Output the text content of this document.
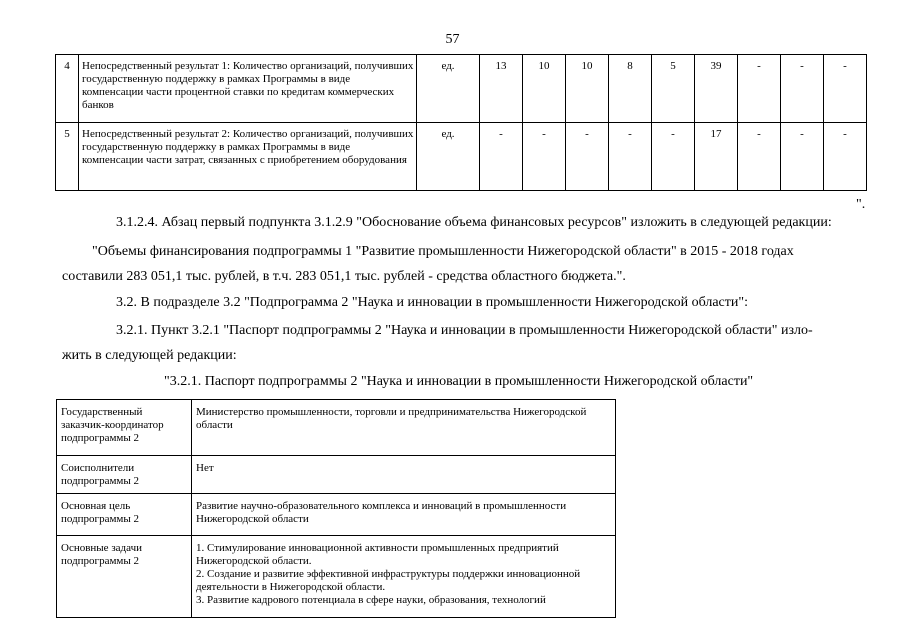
57
4	Непосредственный результат 1: Количество организаций, получивших государственную поддержку в рамках Программы в виде компенсации части процентной ставки по кредитам коммерческих банков	ед.	13	10	10	8	5	39	-	-	-
5	Непосредственный результат 2: Количество организаций, получивших государственную поддержку в рамках Программы в виде компенсации части затрат, связанных с приобретением оборудования	ед.	-	-	-	-	-	17	-	-	-
".
3.1.2.4. Абзац первый подпункта 3.1.2.9 "Обоснование объема финансовых ресурсов" изложить в следующей редакции:
"Объемы финансирования подпрограммы 1 "Развитие промышленности Нижегородской области" в 2015 - 2018 годах
составили 283 051,1 тыс. рублей, в т.ч. 283 051,1 тыс. рублей - средства областного бюджета.".
3.2. В подразделе 3.2 "Подпрограмма 2 "Наука и инновации в промышленности Нижегородской области":
3.2.1. Пункт 3.2.1 "Паспорт подпрограммы 2 "Наука и инновации в промышленности Нижегородской области" изло-
жить в следующей редакции:
"3.2.1. Паспорт подпрограммы 2 "Наука и инновации в промышленности Нижегородской области"
Государственный заказчик-координатор подпрограммы 2	Министерство промышленности, торговли и предпринимательства Нижегородской области
Соисполнители подпрограммы 2	Нет
Основная цель подпрограммы 2	Развитие научно-образовательного комплекса и инноваций в промышленности Нижегородской области
Основные задачи подпрограммы 2	1. Стимулирование инновационной активности промышленных предприятий Нижегородской области.
2. Создание и развитие эффективной инфраструктуры поддержки инновационной деятельности в Нижегородской области.
3. Развитие кадрового потенциала в сфере науки, образования, технологий
